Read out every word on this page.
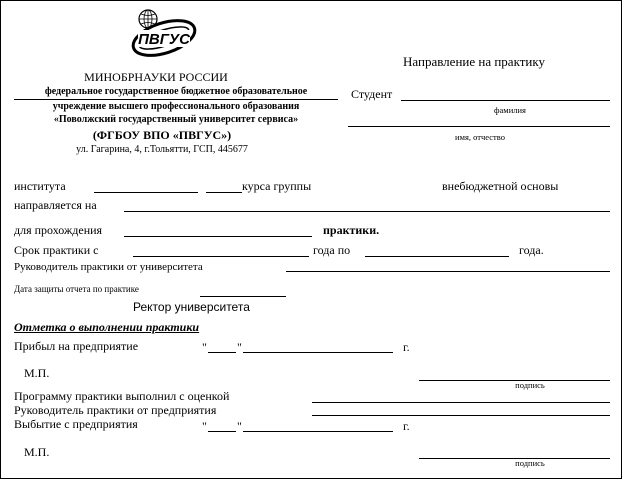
ПВГУС
МИНОБРНАУКИ РОССИИ
федеральное государственное бюджетное образовательное
учреждение высшего профессионального образования
«Поволжский государственный университет сервиса»
(ФГБОУ ВПО «ПВГУС»)
ул. Гагарина, 4, г.Тольятти, ГСП, 445677
Направление на практику
Студент
фамилия
имя, отчество
института	курса группы	внебюджетной основы
направляется на
для прохождения	практики.
Срок практики с	года по	года.
Руководитель практики от университета
Дата защиты отчета по практике
Ректор университета
Отметка о выполнении практики
Прибыл на предприятие	"	"	г.
М.П.
подпись
Программу практики выполнил с оценкой
Руководитель практики от предприятия
Выбытие с предприятия	"	"	г.
М.П.
подпись
